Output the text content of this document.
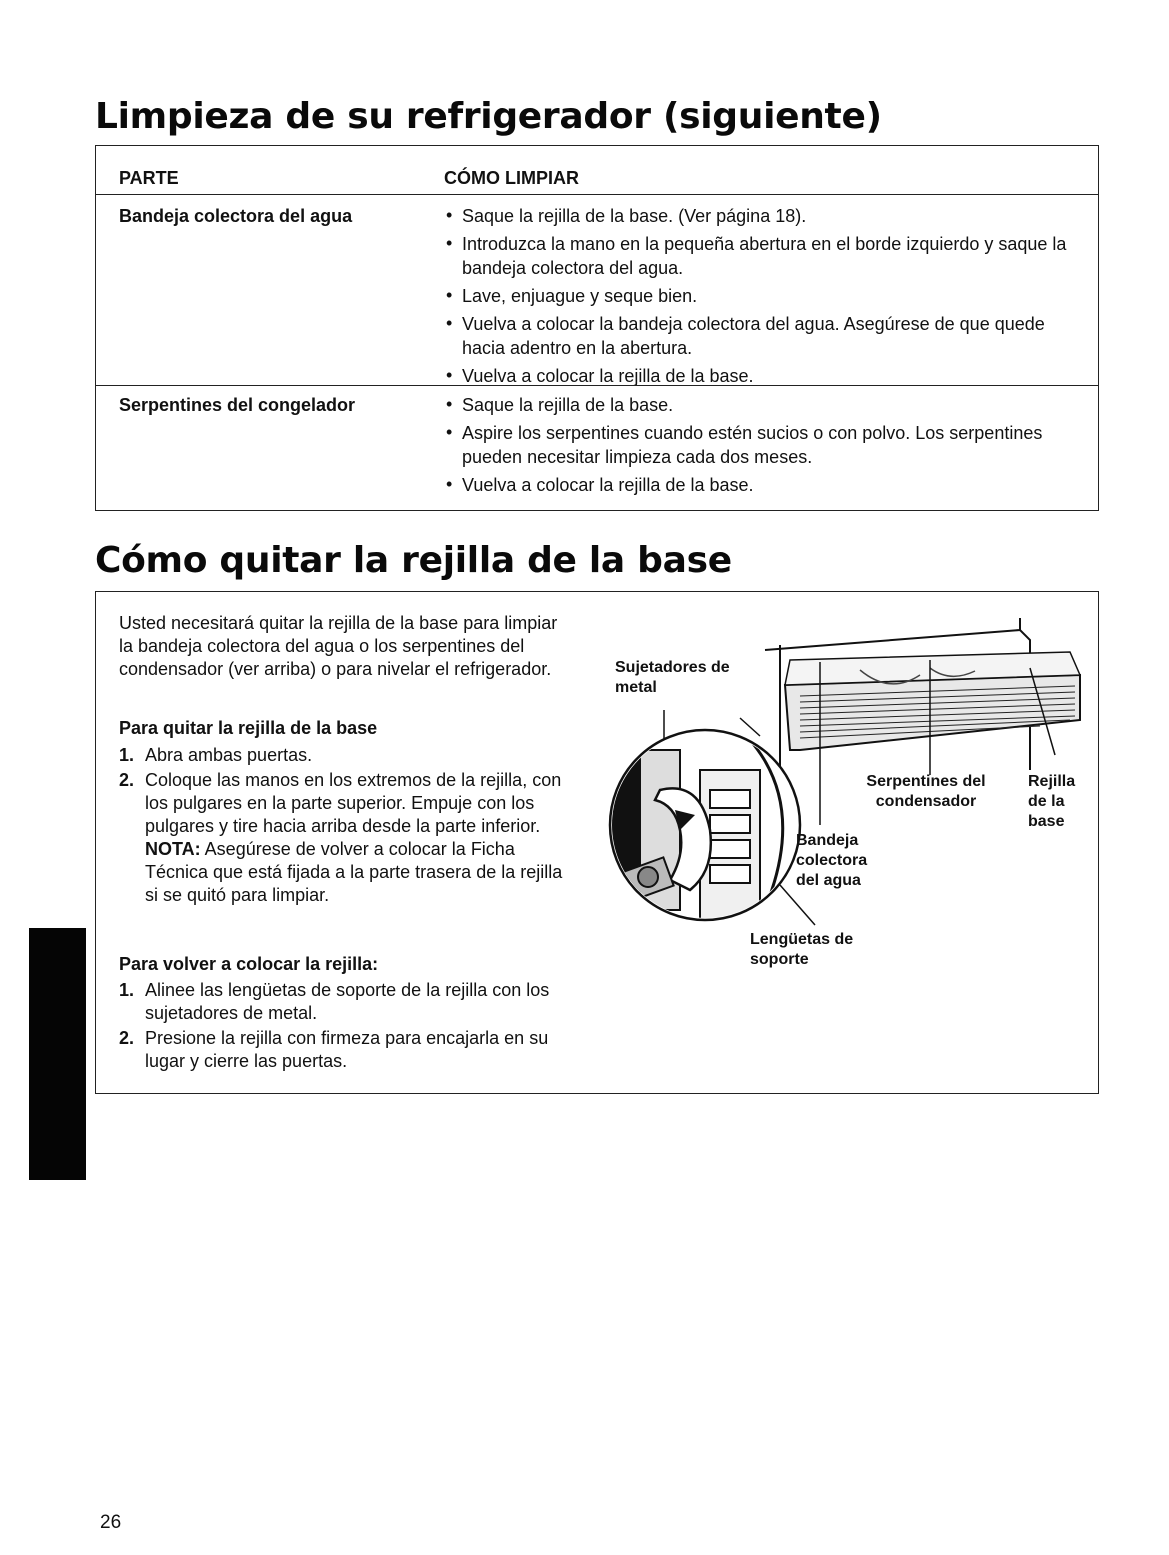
Limpieza de su refrigerador (siguiente)
PARTE	CÓMO LIMPIAR
Bandeja colectora del agua	• Saque la rejilla de la base. (Ver página 18).
• Introduzca la mano en la pequeña abertura en el borde izquierdo y saque la bandeja colectora del agua.
• Lave, enjuague y seque bien.
• Vuelva a colocar la bandeja colectora del agua. Asegúrese de que quede hacia adentro en la abertura.
• Vuelva a colocar la rejilla de la base.
Serpentines del congelador	• Saque la rejilla de la base.
• Aspire los serpentines cuando estén sucios o con polvo. Los serpentines pueden necesitar limpieza cada dos meses.
• Vuelva a colocar la rejilla de la base.
Cómo quitar la rejilla de la base

Usted necesitará quitar la rejilla de la base para limpiar la bandeja colectora del agua o los serpentines del condensador (ver arriba) o para nivelar el refrigerador.

Para quitar la rejilla de la base

1. Abra ambas puertas.
2. Coloque las manos en los extremos de la rejilla, con los pulgares en la parte superior. Empuje con los pulgares y tire hacia arriba desde la parte inferior.
NOTA: Asegúrese de volver a colocar la Ficha Técnica que está fijada a la parte trasera de la rejilla si se quitó para limpiar.

Para volver a colocar la rejilla:

1. Alinee las lengüetas de soporte de la rejilla con los sujetadores de metal.
2. Presione la rejilla con firmeza para encajarla en su lugar y cierre las puertas.
Sujetadores de metal
Serpentines del condensador
Rejilla de la base
Bandeja colectora del agua
Lengüetas de soporte
26
